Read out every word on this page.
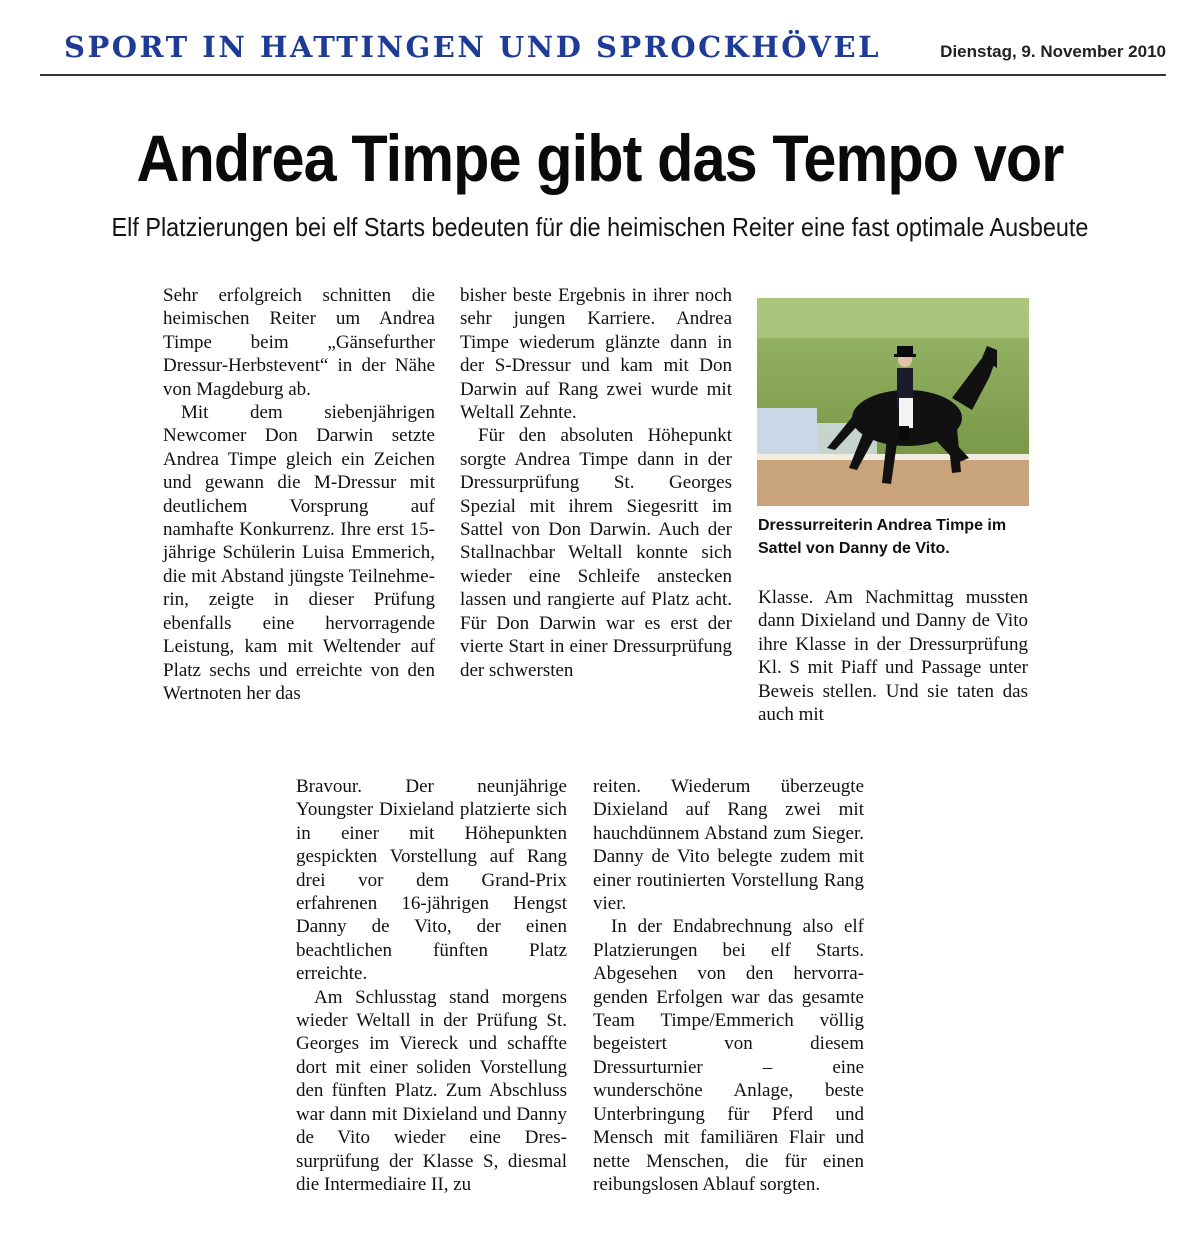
SPORT IN HATTINGEN UND SPROCKHÖVEL	Dienstag, 9. November 2010
Andrea Timpe gibt das Tempo vor
Elf Platzierungen bei elf Starts bedeuten für die heimischen Reiter eine fast optimale Ausbeute

Sehr erfolgreich schnitten die heimischen Reiter um Andrea Timpe beim „Gänsefurther Dressur-Herbstevent“ in der Nähe von Magdeburg ab.

Mit dem siebenjährigen Newcomer Don Darwin setzte Andrea Timpe gleich ein Zeichen und gewann die M-Dressur mit deutlichem Vorsprung auf namhafte Konkurrenz. Ihre erst 15-jährige Schülerin Luisa Emmerich, die mit Abstand jüngste Teilnehmerin, zeigte in dieser Prüfung ebenfalls eine hervorragende Leistung, kam mit Weltender auf Platz sechs und erreichte von den Wertnoten her das

bisher beste Ergebnis in ihrer noch sehr jungen Karriere. Andrea Timpe wiederum glänzte dann in der S-Dressur und kam mit Don Darwin auf Rang zwei wurde mit Weltall Zehnte.

Für den absoluten Höhepunkt sorgte Andrea Timpe dann in der Dressurprüfung St. Georges Spezial mit ihrem Siegesritt im Sattel von Don Darwin. Auch der Stallnachbar Weltall konnte sich wieder eine Schleife anstecken lassen und rangierte auf Platz acht. Für Don Darwin war es erst der vierte Start in einer Dressurprüfung der schwersten

Dressurreiterin Andrea Timpe im Sattel von Danny de Vito.

Klasse. Am Nachmittag mussten dann Dixieland und Danny de Vito ihre Klasse in der Dressurprüfung Kl. S mit Piaff und Passage unter Beweis stellen. Und sie taten das auch mit

Bravour. Der neunjährige Youngster Dixieland platzierte sich in einer mit Höhepunkten gespickten Vorstellung auf Rang drei vor dem Grand-Prix erfahrenen 16-jährigen Hengst Danny de Vito, der einen beachtlichen fünften Platz erreichte.

Am Schlusstag stand morgens wieder Weltall in der Prüfung St. Georges im Viereck und schaffte dort mit einer soliden Vorstellung den fünften Platz. Zum Abschluss war dann mit Dixieland und Danny de Vito wieder eine Dressurprüfung der Klasse S, diesmal die Intermediaire II, zu

reiten. Wiederum überzeugte Dixieland auf Rang zwei mit hauchdünnem Abstand zum Sieger. Danny de Vito belegte zudem mit einer routinierten Vorstellung Rang vier.

In der Endabrechnung also elf Platzierungen bei elf Starts. Abgesehen von den hervorragenden Erfolgen war das gesamte Team Timpe/Emmerich völlig begeistert von diesem Dressurturnier – eine wunderschöne Anlage, beste Unterbringung für Pferd und Mensch mit familiären Flair und nette Menschen, die für einen reibungslosen Ablauf sorgten.
